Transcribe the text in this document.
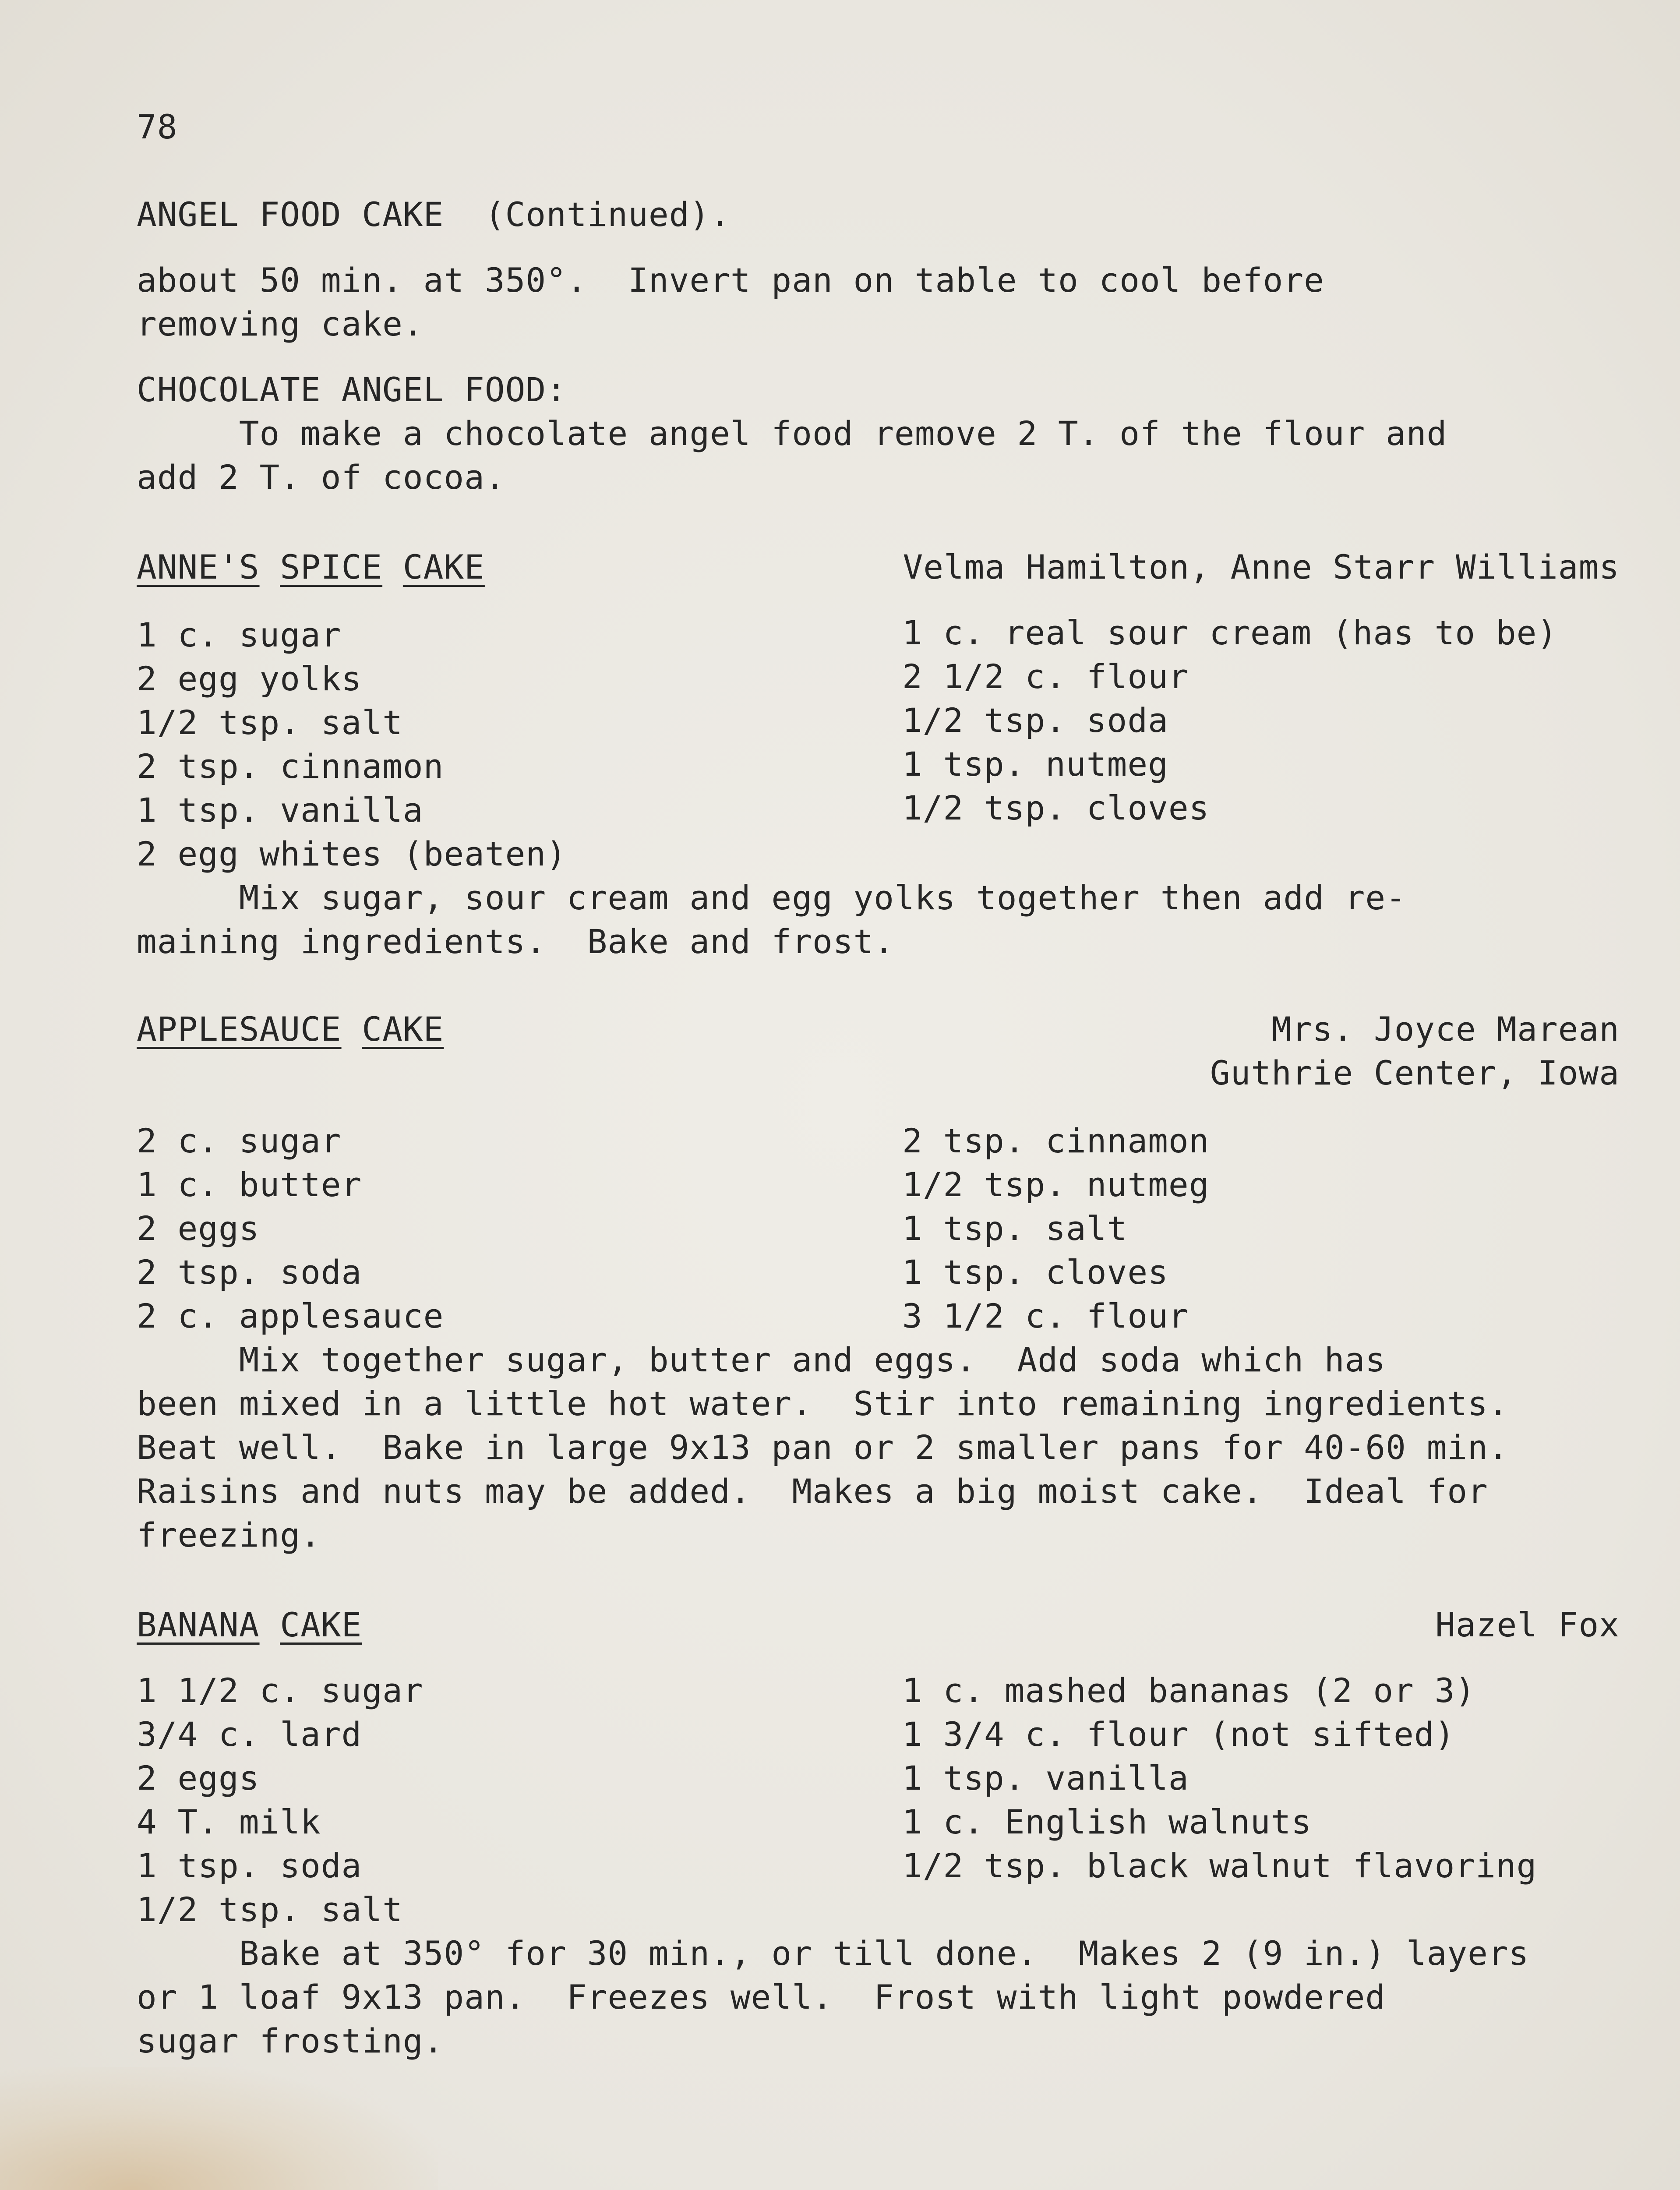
78
ANGEL FOOD CAKE  (Continued).
about 50 min. at 350°.  Invert pan on table to cool before
removing cake.
CHOCOLATE ANGEL FOOD:
To make a chocolate angel food remove 2 T. of the flour and
add 2 T. of cocoa.
ANNE'S SPICE CAKE	Velma Hamilton, Anne Starr Williams
1 c. sugar
2 egg yolks
1/2 tsp. salt
2 tsp. cinnamon
1 tsp. vanilla
2 egg whites (beaten)
1 c. real sour cream (has to be)
2 1/2 c. flour
1/2 tsp. soda
1 tsp. nutmeg
1/2 tsp. cloves
Mix sugar, sour cream and egg yolks together then add re-
maining ingredients.  Bake and frost.
APPLESAUCE CAKE	Mrs. Joyce Marean
Guthrie Center, Iowa
2 c. sugar
1 c. butter
2 eggs
2 tsp. soda
2 c. applesauce
2 tsp. cinnamon
1/2 tsp. nutmeg
1 tsp. salt
1 tsp. cloves
3 1/2 c. flour
Mix together sugar, butter and eggs.  Add soda which has
been mixed in a little hot water.  Stir into remaining ingredients.
Beat well.  Bake in large 9x13 pan or 2 smaller pans for 40-60 min.
Raisins and nuts may be added.  Makes a big moist cake.  Ideal for
freezing.
BANANA CAKE	Hazel Fox
1 1/2 c. sugar
3/4 c. lard
2 eggs
4 T. milk
1 tsp. soda
1/2 tsp. salt
1 c. mashed bananas (2 or 3)
1 3/4 c. flour (not sifted)
1 tsp. vanilla
1 c. English walnuts
1/2 tsp. black walnut flavoring
Bake at 350° for 30 min., or till done.  Makes 2 (9 in.) layers
or 1 loaf 9x13 pan.  Freezes well.  Frost with light powdered
sugar frosting.
